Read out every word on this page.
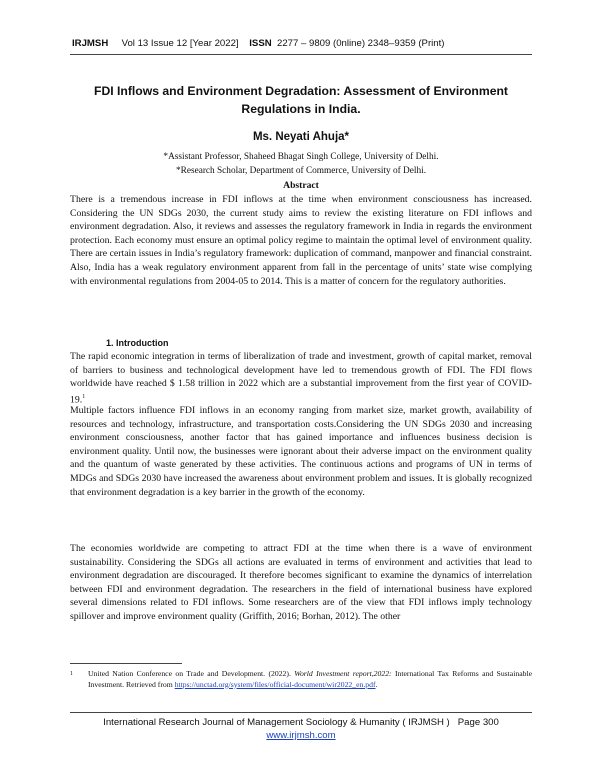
IRJMSH Vol 13 Issue 12 [Year 2022] ISSN 2277 – 9809 (0nline) 2348–9359 (Print)
FDI Inflows and Environment Degradation: Assessment of Environment Regulations in India.
Ms. Neyati Ahuja*
*Assistant Professor, Shaheed Bhagat Singh College, University of Delhi.
*Research Scholar, Department of Commerce, University of Delhi.
Abstract
There is a tremendous increase in FDI inflows at the time when environment consciousness has increased. Considering the UN SDGs 2030, the current study aims to review the existing literature on FDI inflows and environment degradation. Also, it reviews and assesses the regulatory framework in India in regards the environment protection. Each economy must ensure an optimal policy regime to maintain the optimal level of environment quality. There are certain issues in India’s regulatory framework: duplication of command, manpower and financial constraint. Also, India has a weak regulatory environment apparent from fall in the percentage of units’ state wise complying with environmental regulations from 2004-05 to 2014. This is a matter of concern for the regulatory authorities.
1. Introduction
The rapid economic integration in terms of liberalization of trade and investment, growth of capital market, removal of barriers to business and technological development have led to tremendous growth of FDI. The FDI flows worldwide have reached $ 1.58 trillion in 2022 which are a substantial improvement from the first year of COVID-19.$^1$
Multiple factors influence FDI inflows in an economy ranging from market size, market growth, availability of resources and technology, infrastructure, and transportation costs.Considering the UN SDGs 2030 and increasing environment consciousness, another factor that has gained importance and influences business decision is environment quality. Until now, the businesses were ignorant about their adverse impact on the environment quality and the quantum of waste generated by these activities. The continuous actions and programs of UN in terms of MDGs and SDGs 2030 have increased the awareness about environment problem and issues. It is globally recognized that environment degradation is a key barrier in the growth of the economy.
The economies worldwide are competing to attract FDI at the time when there is a wave of environment sustainability. Considering the SDGs all actions are evaluated in terms of environment and activities that lead to environment degradation are discouraged. It therefore becomes significant to examine the dynamics of interrelation between FDI and environment degradation. The researchers in the field of international business have explored several dimensions related to FDI inflows. Some researchers are of the view that FDI inflows imply technology spillover and improve environment quality (Griffith, 2016; Borhan, 2012). The other
1 United Nation Conference on Trade and Development. (2022). World Investment report,2022: International Tax Reforms and Sustainable Investment. Retrieved from https://unctad.org/system/files/official-document/wir2022_en.pdf.
International Research Journal of Management Sociology & Humanity ( IRJMSH ) Page 300
www.irjmsh.com
